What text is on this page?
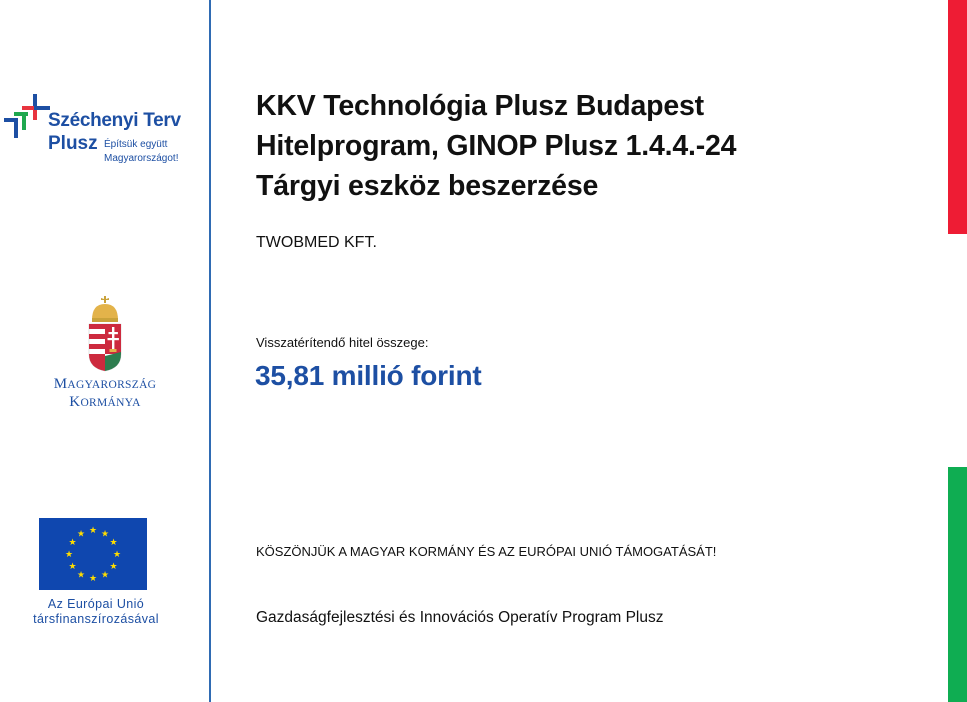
Széchenyi Terv
Plusz Építsük együtt
Magyarországot!
MAGYARORSZÁG
KORMÁNYA
★ ★
★
★
★
★
★
★
★
★
★
★
Az Európai Unió
társfinanszírozásával
KKV Technológia Plusz Budapest
Hitelprogram, GINOP Plusz 1.4.4.-24
Tárgyi eszköz beszerzése
TWOBMED KFT.
Visszatérítendő hitel összege:
35,81 millió forint
KÖSZÖNJÜK A MAGYAR KORMÁNY ÉS AZ EURÓPAI UNIÓ TÁMOGATÁSÁT!
Gazdaságfejlesztési és Innovációs Operatív Program Plusz
